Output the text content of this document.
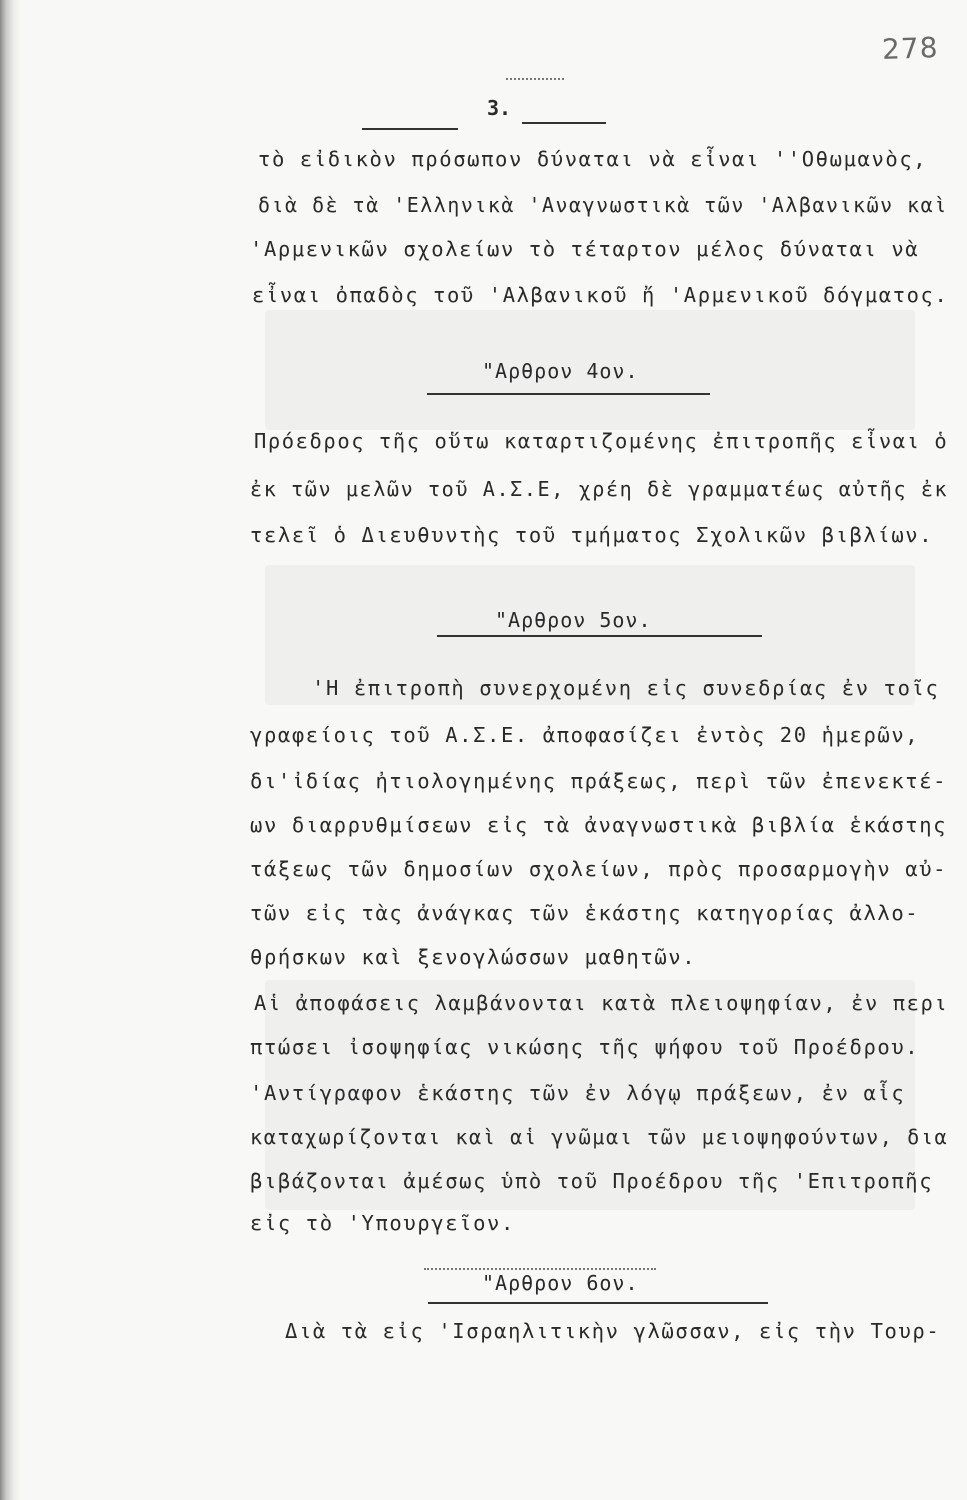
278
3.
τὸ εἰδικὸν πρόσωπον δύναται νὰ εἶναι ''Οθωμανὸς,
διὰ δὲ τὰ 'Ελληνικὰ 'Αναγνωστικὰ τῶν 'Αλβανικῶν καὶ
'Αρμενικῶν σχολείων τὸ τέταρτον μέλος δύναται νὰ
εἶναι ὀπαδὸς τοῦ 'Αλβανικοῦ ἤ 'Αρμενικοῦ δόγματος.
"Αρθρον 4ον.
Πρόεδρος τῆς οὕτω καταρτιζομένης ἐπιτροπῆς εἶναι ὁ
ἐκ τῶν μελῶν τοῦ Α.Σ.Ε, χρέη δὲ γραμματέως αὐτῆς ἐκ
τελεῖ ὁ Διευθυντὴς τοῦ τμήματος Σχολικῶν βιβλίων.
"Αρθρον 5ον.
'Η ἐπιτροπὴ συνερχομένη εἰς συνεδρίας ἐν τοῖς
γραφείοις τοῦ Α.Σ.Ε. ἀποφασίζει ἐντὸς 20 ἡμερῶν,
δι'ἰδίας ἠτιολογημένης πράξεως, περὶ τῶν ἐπενεκτέ-
ων διαρρυθμίσεων εἰς τὰ ἀναγνωστικὰ βιβλία ἑκάστης
τάξεως τῶν δημοσίων σχολείων, πρὸς προσαρμογὴν αὐ-
τῶν εἰς τὰς ἀνάγκας τῶν ἑκάστης κατηγορίας ἀλλο-
θρήσκων καὶ ξενογλώσσων μαθητῶν.
Αἱ ἀποφάσεις λαμβάνονται κατὰ πλειοψηφίαν, ἐν περι
πτώσει ἰσοψηφίας νικώσης τῆς ψήφου τοῦ Προέδρου.
'Αντίγραφον ἑκάστης τῶν ἐν λόγῳ πράξεων, ἐν αἷς
καταχωρίζονται καὶ αἱ γνῶμαι τῶν μειοψηφούντων, δια
βιβάζονται ἀμέσως ὑπὸ τοῦ Προέδρου τῆς 'Επιτροπῆς
εἰς τὸ 'Υπουργεῖον.
"Αρθρον 6ον.
Διὰ τὰ εἰς 'Ισραηλιτικὴν γλῶσσαν, εἰς τὴν Τουρ-
